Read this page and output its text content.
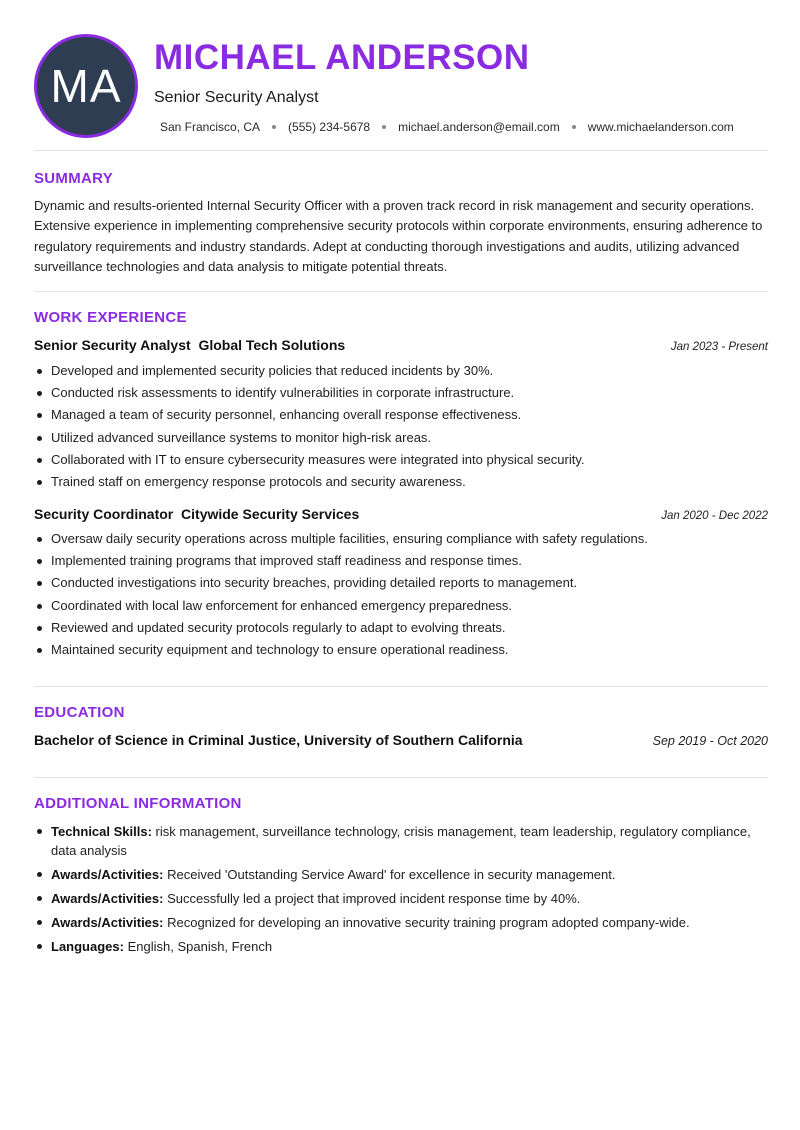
MA
MICHAEL ANDERSON
Senior Security Analyst
San Francisco, CA (555) 234-5678 michael.anderson@email.com www.michaelanderson.com
SUMMARY
Dynamic and results-oriented Internal Security Officer with a proven track record in risk management and security operations. Extensive experience in implementing comprehensive security protocols within corporate environments, ensuring adherence to regulatory requirements and industry standards. Adept at conducting thorough investigations and audits, utilizing advanced surveillance technologies and data analysis to mitigate potential threats.
WORK EXPERIENCE
Senior Security Analyst Global Tech Solutions	Jan 2023 - Present
Developed and implemented security policies that reduced incidents by 30%.
Conducted risk assessments to identify vulnerabilities in corporate infrastructure.
Managed a team of security personnel, enhancing overall response effectiveness.
Utilized advanced surveillance systems to monitor high-risk areas.
Collaborated with IT to ensure cybersecurity measures were integrated into physical security.
Trained staff on emergency response protocols and security awareness.
Security Coordinator Citywide Security Services	Jan 2020 - Dec 2022
Oversaw daily security operations across multiple facilities, ensuring compliance with safety regulations.
Implemented training programs that improved staff readiness and response times.
Conducted investigations into security breaches, providing detailed reports to management.
Coordinated with local law enforcement for enhanced emergency preparedness.
Reviewed and updated security protocols regularly to adapt to evolving threats.
Maintained security equipment and technology to ensure operational readiness.
EDUCATION
Bachelor of Science in Criminal Justice, University of Southern California	Sep 2019 - Oct 2020
ADDITIONAL INFORMATION
Technical Skills: risk management, surveillance technology, crisis management, team leadership, regulatory compliance, data analysis
Awards/Activities: Received 'Outstanding Service Award' for excellence in security management.
Awards/Activities: Successfully led a project that improved incident response time by 40%.
Awards/Activities: Recognized for developing an innovative security training program adopted company-wide.
Languages: English, Spanish, French
